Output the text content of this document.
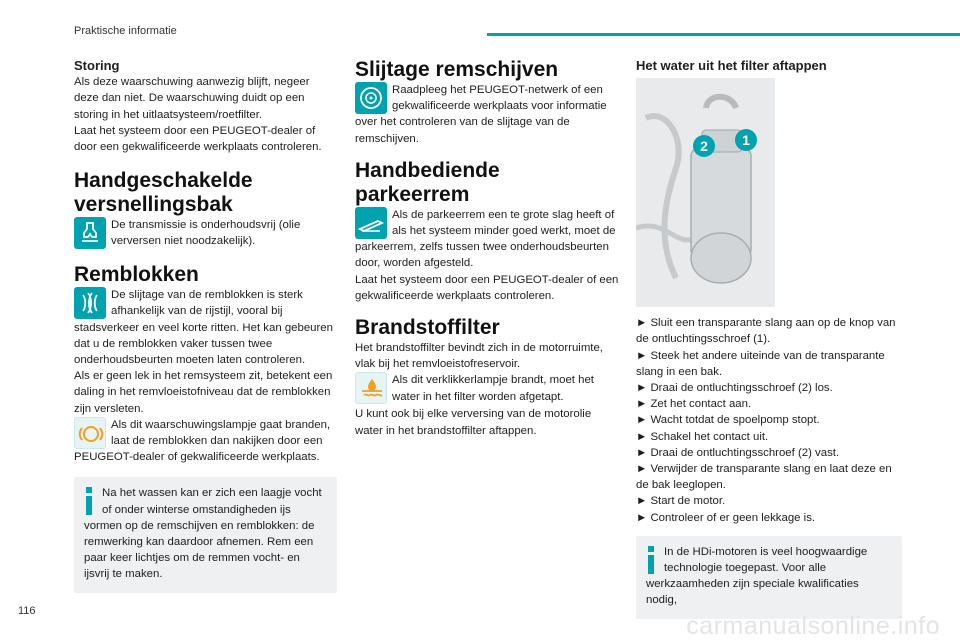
Praktische informatie

Storing

Als deze waarschuwing aanwezig blijft, negeer deze dan niet. De waarschuwing duidt op een storing in het uitlaatsysteem/roetfilter.

Laat het systeem door een PEUGEOT-dealer of door een gekwalificeerde werkplaats controleren.

Handgeschakelde versnellingsbak

De transmissie is onderhoudsvrij (olie verversen niet noodzakelijk).

Remblokken

De slijtage van de remblokken is sterk afhankelijk van de rijstijl, vooral bij stadsverkeer en veel korte ritten. Het kan gebeuren dat u de remblokken vaker tussen twee onderhoudsbeurten moeten laten controleren.

Als er geen lek in het remsysteem zit, betekent een daling in het remvloeistofniveau dat de remblokken zijn versleten.

Als dit waarschuwingslampje gaat branden, laat de remblokken dan nakijken door een PEUGEOT-dealer of gekwalificeerde werkplaats.

Na het wassen kan er zich een laagje vocht of onder winterse omstandigheden ijs vormen op de remschijven en remblokken: de remwerking kan daardoor afnemen. Rem een paar keer lichtjes om de remmen vocht- en ijsvrij te maken.

Slijtage remschijven

Raadpleeg het PEUGEOT-netwerk of een gekwalificeerde werkplaats voor informatie over het controleren van de slijtage van de remschijven.

Handbediende parkeerrem

Als de parkeerrem een te grote slag heeft of als het systeem minder goed werkt, moet de parkeerrem, zelfs tussen twee onderhoudsbeurten door, worden afgesteld.

Laat het systeem door een PEUGEOT-dealer of een gekwalificeerde werkplaats controleren.

Brandstoffilter

Het brandstoffilter bevindt zich in de motorruimte, vlak bij het remvloeistofreservoir.

Als dit verklikkerlampje brandt, moet het water in het filter worden afgetapt.

U kunt ook bij elke verversing van de motorolie water in het brandstoffilter aftappen.

Het water uit het filter aftappen

1
2

► Sluit een transparante slang aan op de knop van de ontluchtingsschroef (1).

► Steek het andere uiteinde van de transparante slang in een bak.

► Draai de ontluchtingsschroef (2) los.

► Zet het contact aan.

► Wacht totdat de spoelpomp stopt.

► Schakel het contact uit.

► Draai de ontluchtingsschroef (2) vast.

► Verwijder de transparante slang en laat deze en de bak leeglopen.

► Start de motor.

► Controleer of er geen lekkage is.

In de HDi-motoren is veel hoogwaardige technologie toegepast. Voor alle werkzaamheden zijn speciale kwalificaties nodig,

116
carmanualsonline.info
